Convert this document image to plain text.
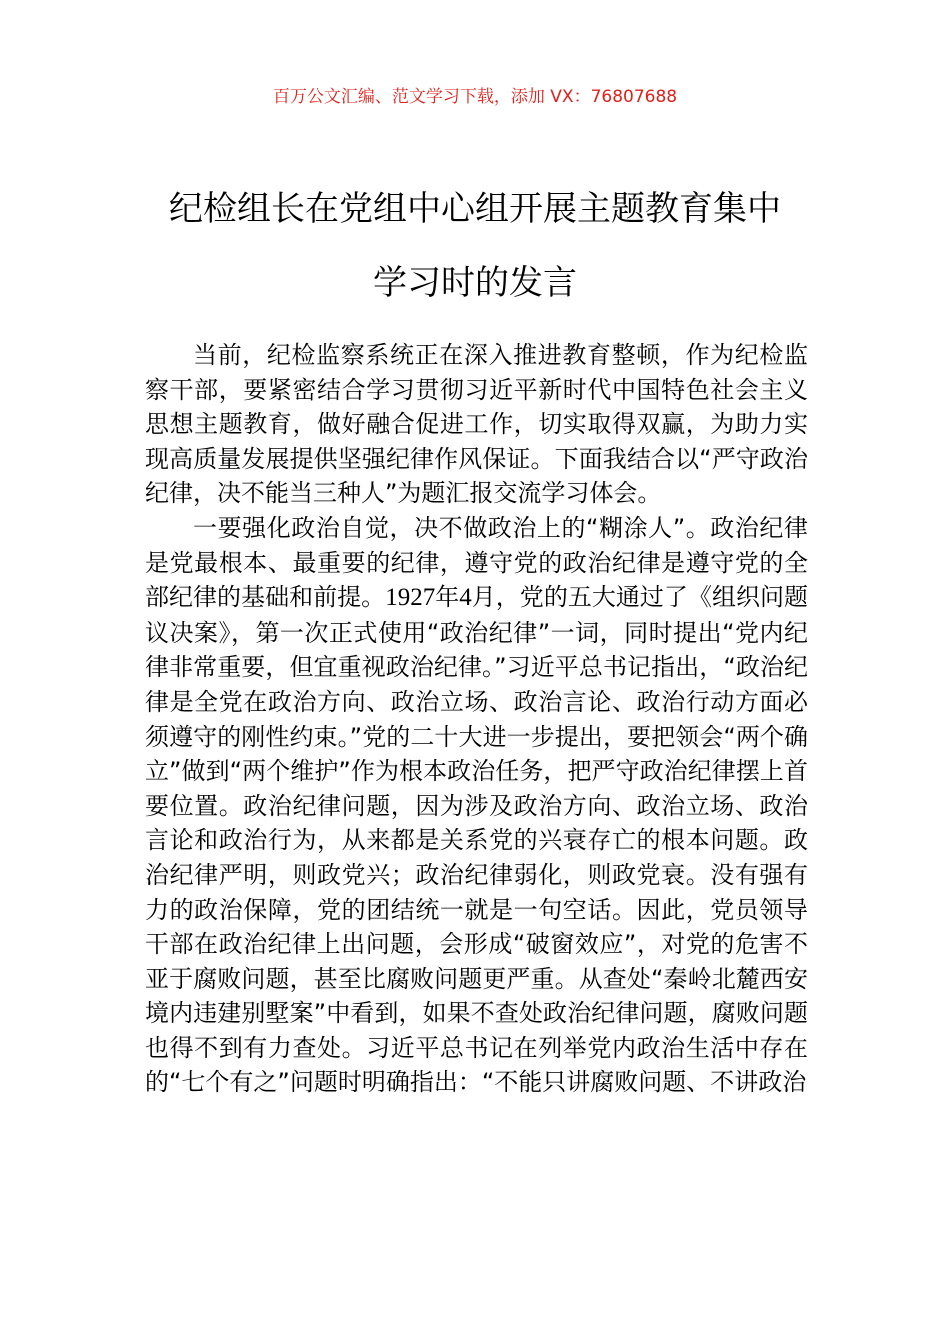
百万公文汇编、范文学习下载，添加 VX：76807688
纪检组长在党组中心组开展主题教育集中
学习时的发言

当前，纪检监察系统正在深入推进教育整顿，作为纪检监察干部，要紧密结合学习贯彻习近平新时代中国特色社会主义思想主题教育，做好融合促进工作，切实取得双赢，为助力实现高质量发展提供坚强纪律作风保证。下面我结合以“严守政治纪律，决不能当三种人”为题汇报交流学习体会。

一要强化政治自觉，决不做政治上的“糊涂人”。政治纪律是党最根本、最重要的纪律，遵守党的政治纪律是遵守党的全部纪律的基础和前提。1927年4月，党的五大通过了《组织问题议决案》，第一次正式使用“政治纪律”一词，同时提出“党内纪律非常重要，但宜重视政治纪律。”习近平总书记指出，“政治纪律是全党在政治方向、政治立场、政治言论、政治行动方面必须遵守的刚性约束。”党的二十大进一步提出，要把领会“两个确立”做到“两个维护”作为根本政治任务，把严守政治纪律摆上首要位置。政治纪律问题，因为涉及政治方向、政治立场、政治言论和政治行为，从来都是关系党的兴衰存亡的根本问题。政治纪律严明，则政党兴；政治纪律弱化，则政党衰。没有强有力的政治保障，党的团结统一就是一句空话。因此，党员领导干部在政治纪律上出问题，会形成“破窗效应”，对党的危害不亚于腐败问题，甚至比腐败问题更严重。从查处“秦岭北麓西安境内违建别墅案”中看到，如果不查处政治纪律问题，腐败问题也得不到有力查处。习近平总书记在列举党内政治生活中存在的“七个有之”问题时明确指出：“不能只讲腐败问题、不讲政治
